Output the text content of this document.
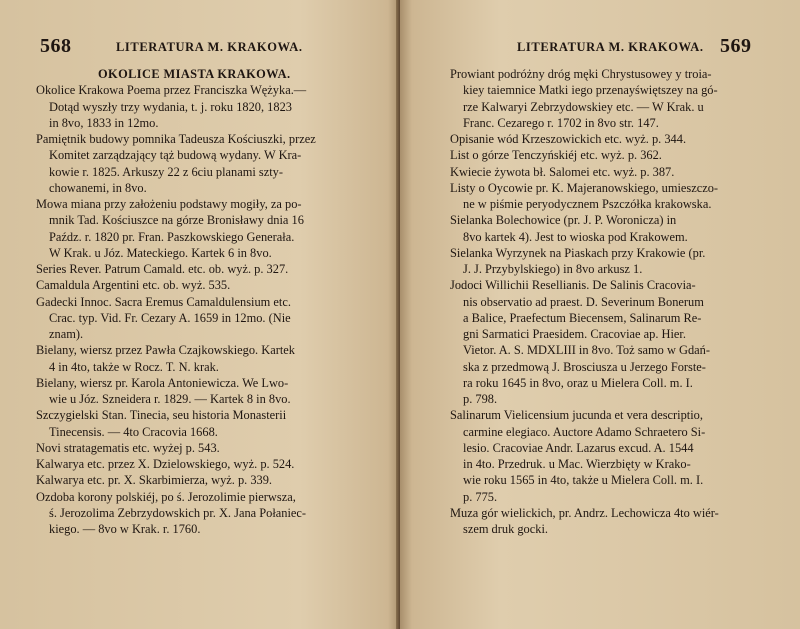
568	LITERATURA M. KRAKOWA.
OKOLICE MIASTA KRAKOWA.
Okolice Krakowa Poema przez Franciszka Wężyka.—
Dotąd wyszły trzy wydania, t. j. roku 1820, 1823
in 8vo, 1833 in 12mo.
Pamiętnik budowy pomnika Tadeusza Kościuszki, przez
Komitet zarządzający tąż budową wydany. W Kra-
kowie r. 1825. Arkuszy 22 z 6ciu planami szty-
chowanemi, in 8vo.
Mowa miana przy założeniu podstawy mogiły, za po-
mnik Tad. Kościuszce na górze Bronisławy dnia 16
Paźdz. r. 1820 pr. Fran. Paszkowskiego Generała.
W Krak. u Józ. Mateckiego. Kartek 6 in 8vo.
Series Rever. Patrum Camald. etc. ob. wyż. p. 327.
Camaldula Argentini etc. ob. wyż. 535.
Gadecki Innoc. Sacra Eremus Camaldulensium etc.
Crac. typ. Vid. Fr. Cezary A. 1659 in 12mo. (Nie
znam).
Bielany, wiersz przez Pawła Czajkowskiego. Kartek
4 in 4to, także w Rocz. T. N. krak.
Bielany, wiersz pr. Karola Antoniewicza. We Lwo-
wie u Józ. Szneidera r. 1829. — Kartek 8 in 8vo.
Szczygielski Stan. Tinecia, seu historia Monasterii
Tinecensis. — 4to Cracovia 1668.
Novi stratagematis etc. wyżej p. 543.
Kalwarya etc. przez X. Dzielowskiego, wyż. p. 524.
Kalwarya etc. pr. X. Skarbimierza, wyż. p. 339.
Ozdoba korony polskiéj, po ś. Jerozolimie pierwsza,
ś. Jerozolima Zebrzydowskich pr. X. Jana Połaniec-
kiego. — 8vo w Krak. r. 1760.
LITERATURA M. KRAKOWA. 569
Prowiant podróżny dróg męki Chrystusowey y troia-
kiey taiemnice Matki iego przenayświętszey na gó-
rze Kalwaryi Zebrzydowskiey etc. — W Krak. u
Franc. Cezarego r. 1702 in 8vo str. 147.
Opisanie wód Krzeszowickich etc. wyż. p. 344.
List o górze Tenczyńskiéj etc. wyż. p. 362.
Kwiecie żywota bł. Salomei etc. wyż. p. 387.
Listy o Oycowie pr. K. Majeranowskiego, umieszczo-
ne w piśmie peryodycznem Pszczółka krakowska.
Sielanka Bolechowice (pr. J. P. Woronicza) in
8vo kartek 4). Jest to wioska pod Krakowem.
Sielanka Wyrzynek na Piaskach przy Krakowie (pr.
J. J. Przybylskiego) in 8vo arkusz 1.
Jodoci Willichii Resellianis. De Salinis Cracovia-
nis observatio ad praest. D. Severinum Bonerum
a Balice, Praefectum Biecensem, Salinarum Re-
gni Sarmatici Praesidem. Cracoviae ap. Hier.
Vietor. A. S. MDXLIII in 8vo. Toż samo w Gdań-
ska z przedmową J. Brosciusza u Jerzego Forste-
ra roku 1645 in 8vo, oraz u Mielera Coll. m. I.
p. 798.
Salinarum Vielicensium jucunda et vera descriptio,
carmine elegiaco. Auctore Adamo Schraetero Si-
lesio. Cracoviae Andr. Lazarus excud. A. 1544
in 4to. Przedruk. u Mac. Wierzbięty w Krako-
wie roku 1565 in 4to, także u Mielera Coll. m. I.
p. 775.
Muza gór wielickich, pr. Andrz. Lechowicza 4to wiér-
szem druk gocki.
